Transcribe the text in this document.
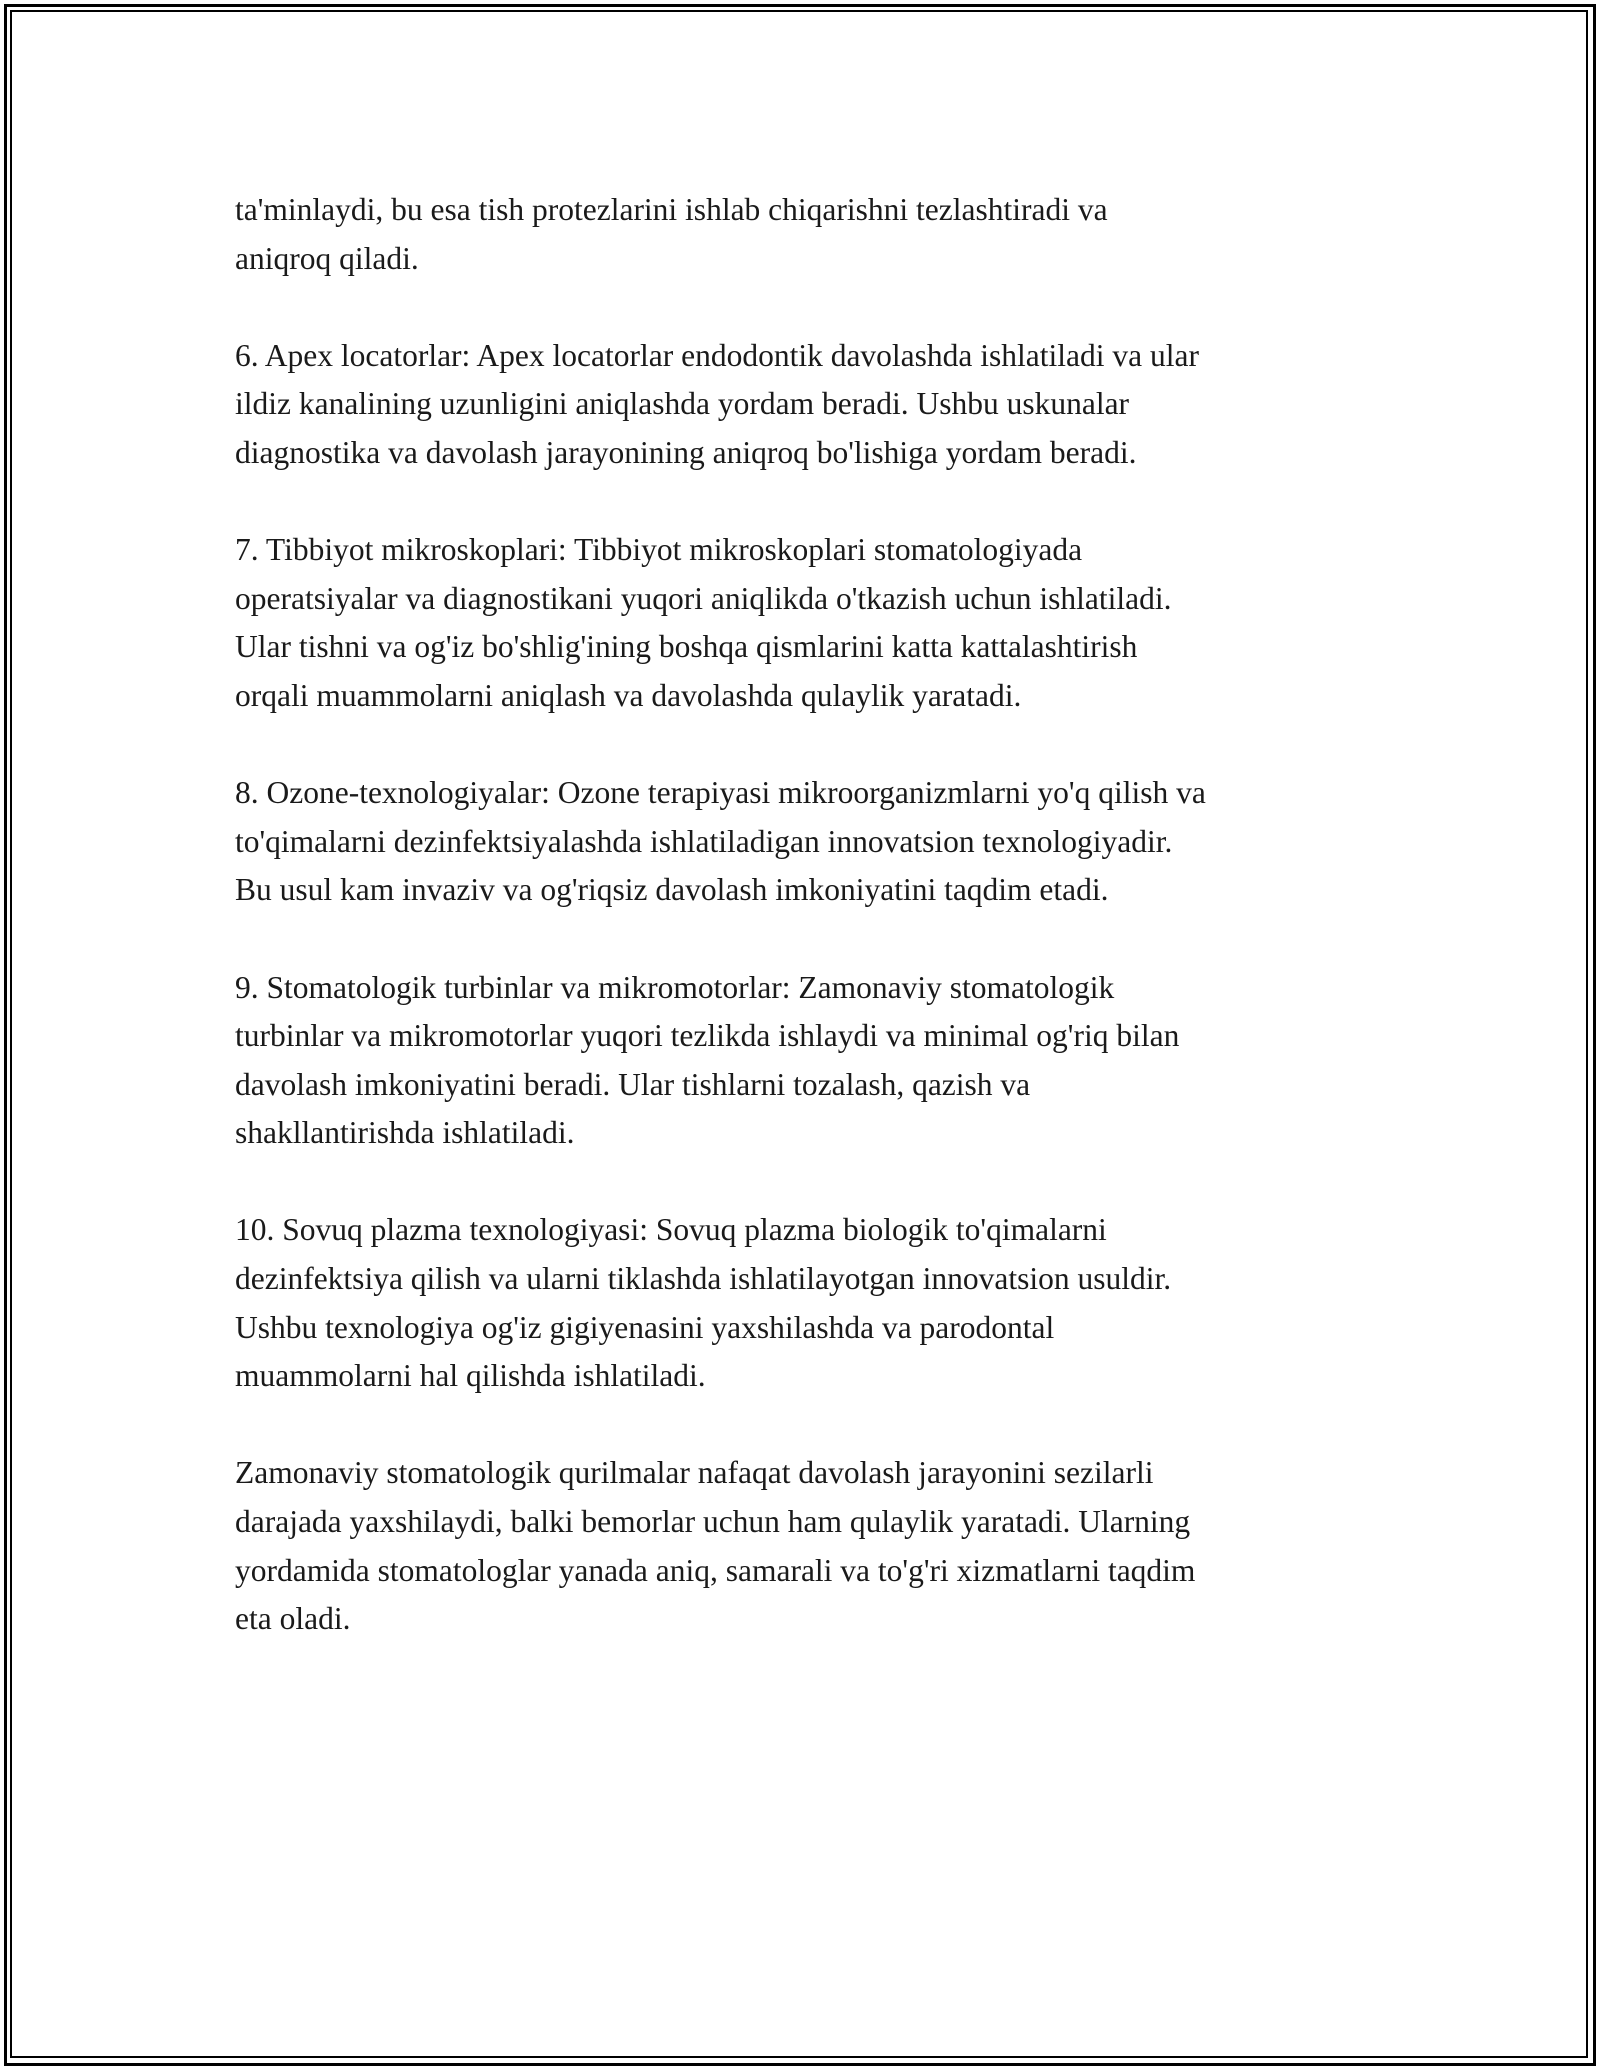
ta'minlaydi, bu esa tish protezlarini ishlab chiqarishni tezlashtiradi va
aniqroq qiladi.

6. Apex locatorlar: Apex locatorlar endodontik davolashda ishlatiladi va ular
ildiz kanalining uzunligini aniqlashda yordam beradi. Ushbu uskunalar
diagnostika va davolash jarayonining aniqroq bo'lishiga yordam beradi.

7. Tibbiyot mikroskoplari: Tibbiyot mikroskoplari stomatologiyada
operatsiyalar va diagnostikani yuqori aniqlikda o'tkazish uchun ishlatiladi.
Ular tishni va og'iz bo'shlig'ining boshqa qismlarini katta kattalashtirish
orqali muammolarni aniqlash va davolashda qulaylik yaratadi.

8. Ozone-texnologiyalar: Ozone terapiyasi mikroorganizmlarni yo'q qilish va
to'qimalarni dezinfektsiyalashda ishlatiladigan innovatsion texnologiyadir.
Bu usul kam invaziv va og'riqsiz davolash imkoniyatini taqdim etadi.

9. Stomatologik turbinlar va mikromotorlar: Zamonaviy stomatologik
turbinlar va mikromotorlar yuqori tezlikda ishlaydi va minimal og'riq bilan
davolash imkoniyatini beradi. Ular tishlarni tozalash, qazish va
shakllantirishda ishlatiladi.

10. Sovuq plazma texnologiyasi: Sovuq plazma biologik to'qimalarni
dezinfektsiya qilish va ularni tiklashda ishlatilayotgan innovatsion usuldir.
Ushbu texnologiya og'iz gigiyenasini yaxshilashda va parodontal
muammolarni hal qilishda ishlatiladi.

Zamonaviy stomatologik qurilmalar nafaqat davolash jarayonini sezilarli
darajada yaxshilaydi, balki bemorlar uchun ham qulaylik yaratadi. Ularning
yordamida stomatologlar yanada aniq, samarali va to'g'ri xizmatlarni taqdim
eta oladi.
